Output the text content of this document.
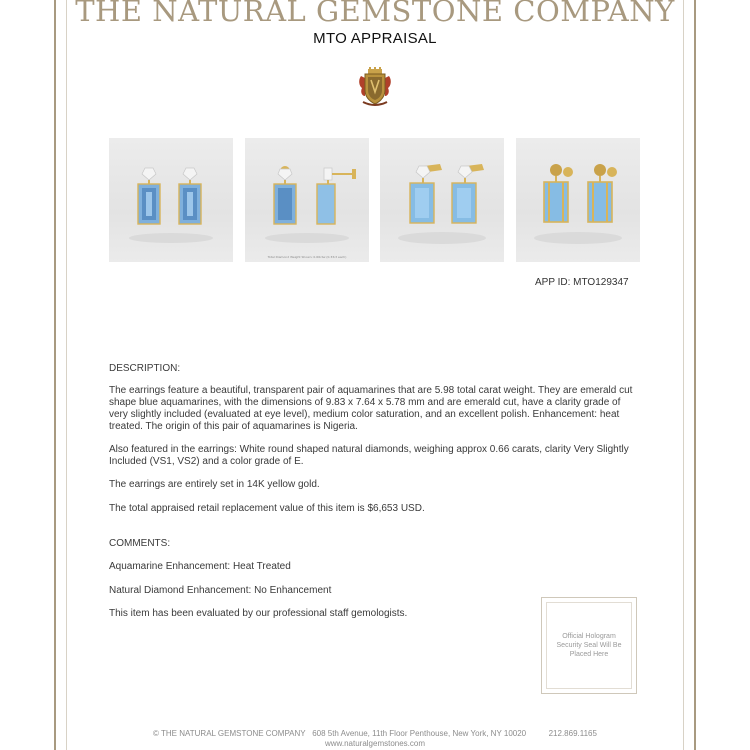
THE NATURAL GEMSTONE COMPANY
MTO APPRAISAL
Total Diamond Weight Shown: 0.66ctw (0.33ct each)
APP ID: MTO129347
DESCRIPTION:
The earrings feature a beautiful, transparent pair of aquamarines that are 5.98 total carat weight. They are emerald cut shape blue aquamarines, with the dimensions of 9.83 x 7.64 x 5.78 mm and are emerald cut, have a clarity grade of very slightly included (evaluated at eye level), medium color saturation, and an excellent polish. Enhancement: heat treated. The origin of this pair of aquamarines is Nigeria.
Also featured in the earrings: White round shaped natural diamonds, weighing approx 0.66 carats, clarity Very Slightly Included (VS1, VS2) and a color grade of E.
The earrings are entirely set in 14K yellow gold.
The total appraised retail replacement value of this item is $6,653 USD.
COMMENTS:
Aquamarine Enhancement: Heat Treated
Natural Diamond Enhancement: No Enhancement
This item has been evaluated by our professional staff gemologists.
Official Hologram Security Seal Will Be Placed Here
© THE NATURAL GEMSTONE COMPANY 608 5th Avenue, 11th Floor Penthouse, New York, NY 10020	212.869.1165
www.naturalgemstones.com
